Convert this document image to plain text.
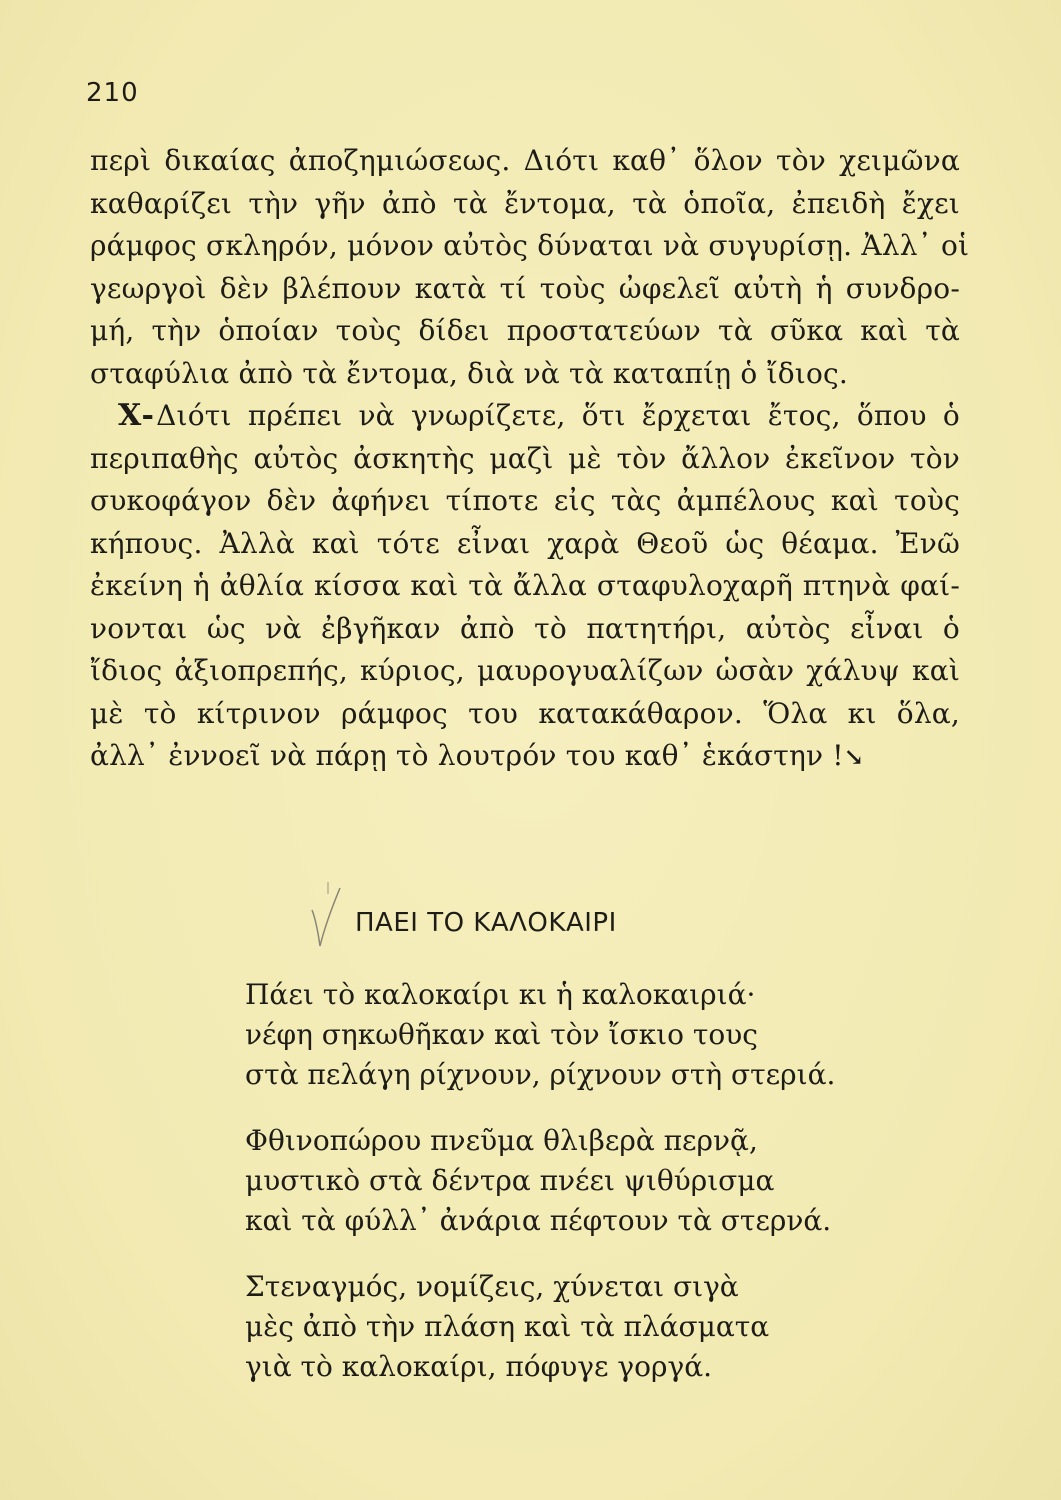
210
περὶ δικαίας ἀποζημιώσεως. Διότι καθ᾽ ὅλον τὸν χειμῶνα
καθαρίζει τὴν γῆν ἀπὸ τὰ ἔντομα, τὰ ὁποῖα, ἐπειδὴ ἔχει
ράμφος σκληρόν, μόνον αὐτὸς δύναται νὰ συγυρίσῃ. Ἀλλ᾽ οἱ
γεωργοὶ δὲν βλέπουν κατὰ τί τοὺς ὠφελεῖ αὐτὴ ἡ συνδρο-
μή, τὴν ὁποίαν τοὺς δίδει προστατεύων τὰ σῦκα καὶ τὰ
σταφύλια ἀπὸ τὰ ἔντομα, διὰ νὰ τὰ καταπίῃ ὁ ἴδιος.
Χ-Διότι πρέπει νὰ γνωρίζετε, ὅτι ἔρχεται ἔτος, ὅπου ὁ
περιπαθὴς αὐτὸς ἀσκητὴς μαζὶ μὲ τὸν ἄλλον ἐκεῖνον τὸν
συκοφάγον δὲν ἀφήνει τίποτε εἰς τὰς ἀμπέλους καὶ τοὺς
κήπους. Ἀλλὰ καὶ τότε εἶναι χαρὰ Θεοῦ ὡς θέαμα. Ἐνῶ
ἐκείνη ἡ ἀθλία κίσσα καὶ τὰ ἄλλα σταφυλοχαρῆ πτηνὰ φαί-
νονται ὡς νὰ ἐβγῆκαν ἀπὸ τὸ πατητήρι, αὐτὸς εἶναι ὁ
ἴδιος ἀξιοπρεπής, κύριος, μαυρογυαλίζων ὡσὰν χάλυψ καὶ
μὲ τὸ κίτρινον ράμφος του κατακάθαρον. Ὅλα κι ὅλα,
ἀλλ᾽ ἐννοεῖ νὰ πάρῃ τὸ λουτρόν του καθ᾽ ἑκάστην !↘
ΠΑΕΙ ΤΟ ΚΑΛΟΚΑΙΡΙ
Πάει τὸ καλοκαίρι κι ἡ καλοκαιριά·
νέφη σηκωθῆκαν καὶ τὸν ἴσκιο τους
στὰ πελάγη ρίχνουν, ρίχνουν στὴ στεριά.
Φθινοπώρου πνεῦμα θλιβερὰ περνᾷ,
μυστικὸ στὰ δέντρα πνέει ψιθύρισμα
καὶ τὰ φύλλ᾽ ἀνάρια πέφτουν τὰ στερνά.
Στεναγμός, νομίζεις, χύνεται σιγὰ
μὲς ἀπὸ τὴν πλάση καὶ τὰ πλάσματα
γιὰ τὸ καλοκαίρι, πόφυγε γοργά.
